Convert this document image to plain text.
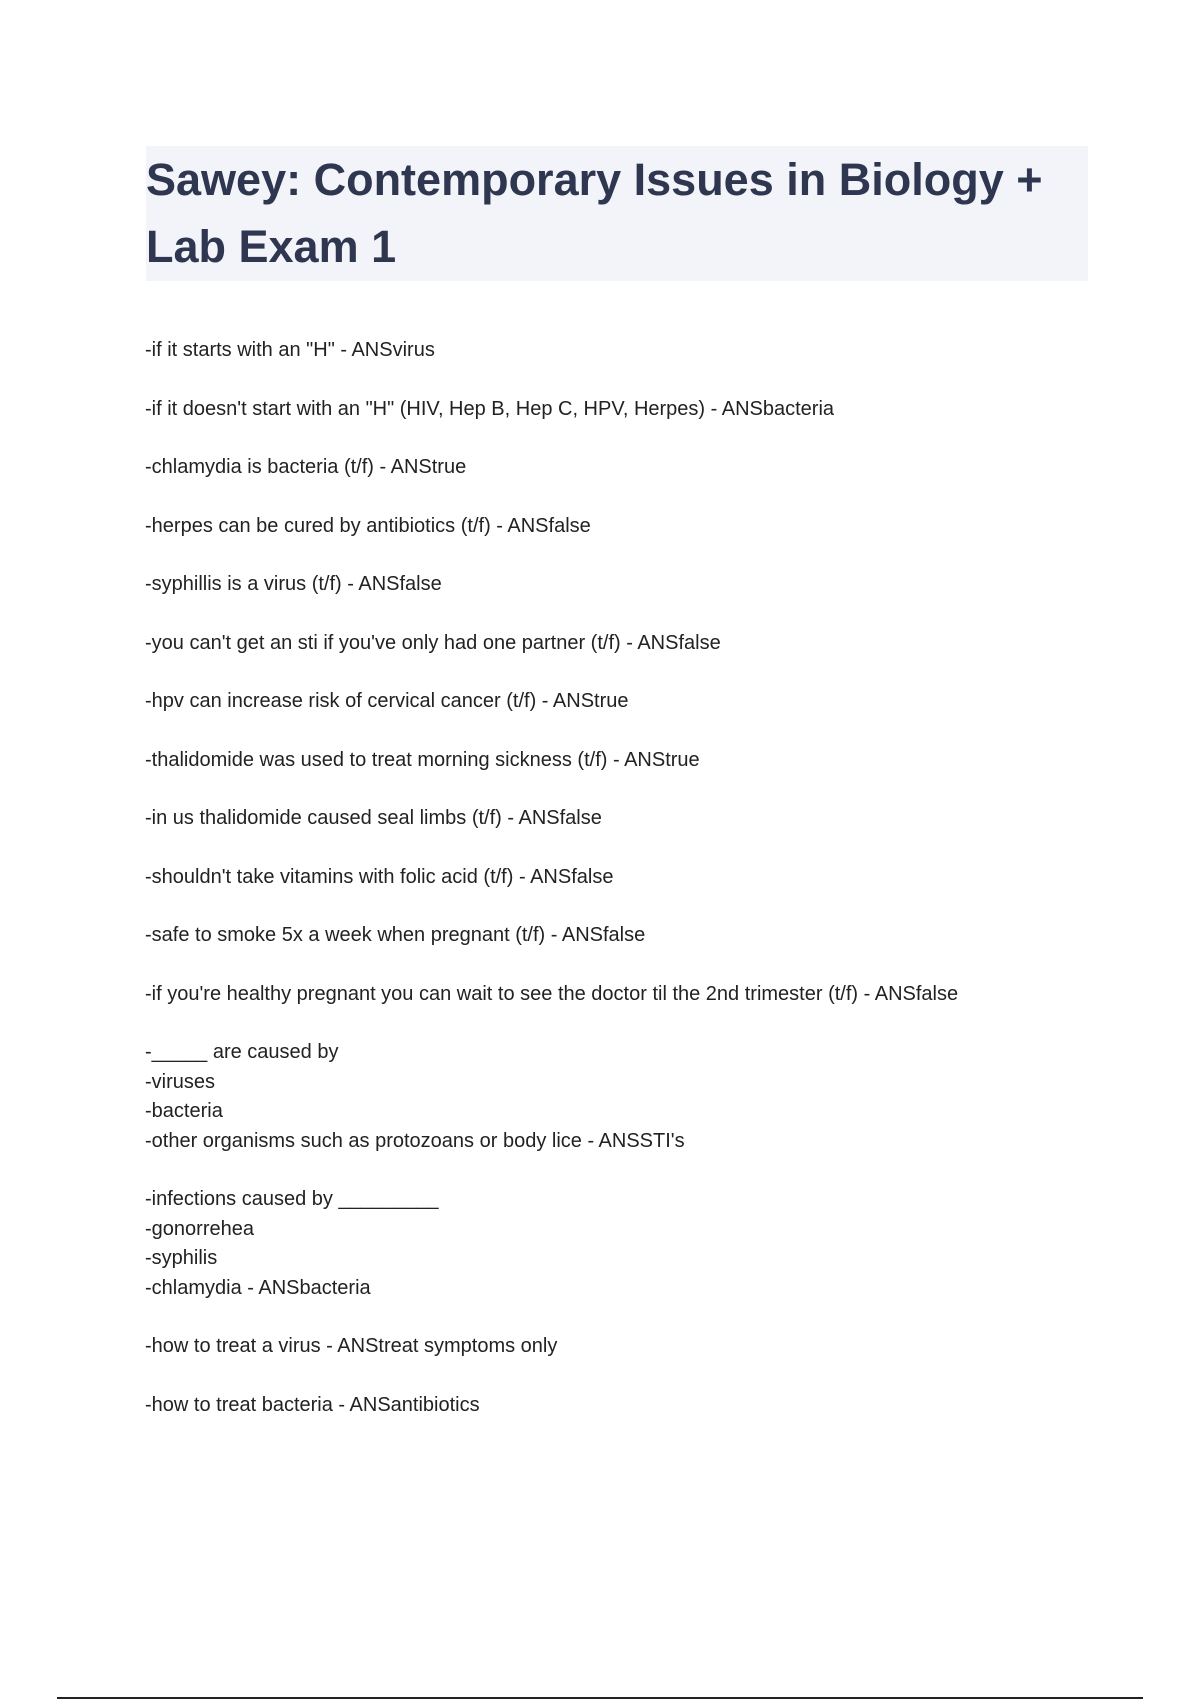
Sawey: Contemporary Issues in Biology + Lab Exam 1
-if it starts with an "H" - ANSvirus
-if it doesn't start with an "H" (HIV, Hep B, Hep C, HPV, Herpes) - ANSbacteria
-chlamydia is bacteria (t/f) - ANStrue
-herpes can be cured by antibiotics (t/f) - ANSfalse
-syphillis is a virus (t/f) - ANSfalse
-you can't get an sti if you've only had one partner (t/f) - ANSfalse
-hpv can increase risk of cervical cancer (t/f) - ANStrue
-thalidomide was used to treat morning sickness (t/f) - ANStrue
-in us thalidomide caused seal limbs (t/f) - ANSfalse
-shouldn't take vitamins with folic acid (t/f) - ANSfalse
-safe to smoke 5x a week when pregnant (t/f) - ANSfalse
-if you're healthy pregnant you can wait to see the doctor til the 2nd trimester (t/f) - ANSfalse
-_____ are caused by
-viruses
-bacteria
-other organisms such as protozoans or body lice - ANSSTI's
-infections caused by _________
-gonorrehea
-syphilis
-chlamydia - ANSbacteria
-how to treat a virus - ANStreat symptoms only
-how to treat bacteria - ANSantibiotics
